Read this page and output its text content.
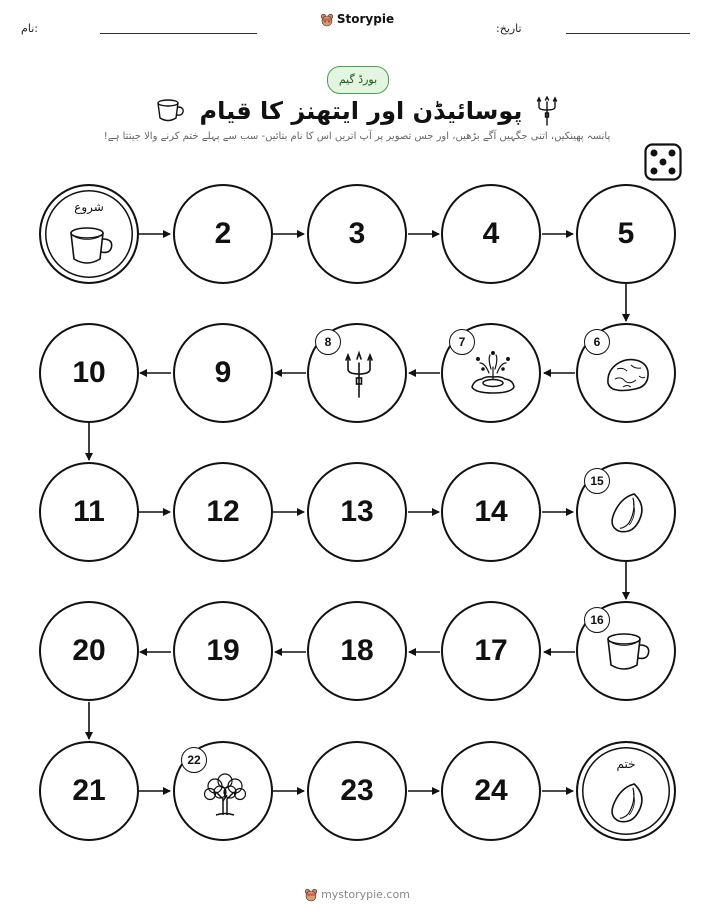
نام:
Storypie
تاریخ:
بورڈ گیم
پوسائیڈن اور ایتھنز کا قیام
پانسہ پھینکیں، اتنی جگہیں آگے بڑھیں، اور جس تصویر پر آپ اتریں اس کا نام بتائیں- سب سے پہلے ختم کرنے والا جیتتا ہے!
شروع
2	3	4	5
6
7
8
9
10
11	12	13	14
15
16
17
18
19
20
21
22
23	24
ختم
mystorypie.com
